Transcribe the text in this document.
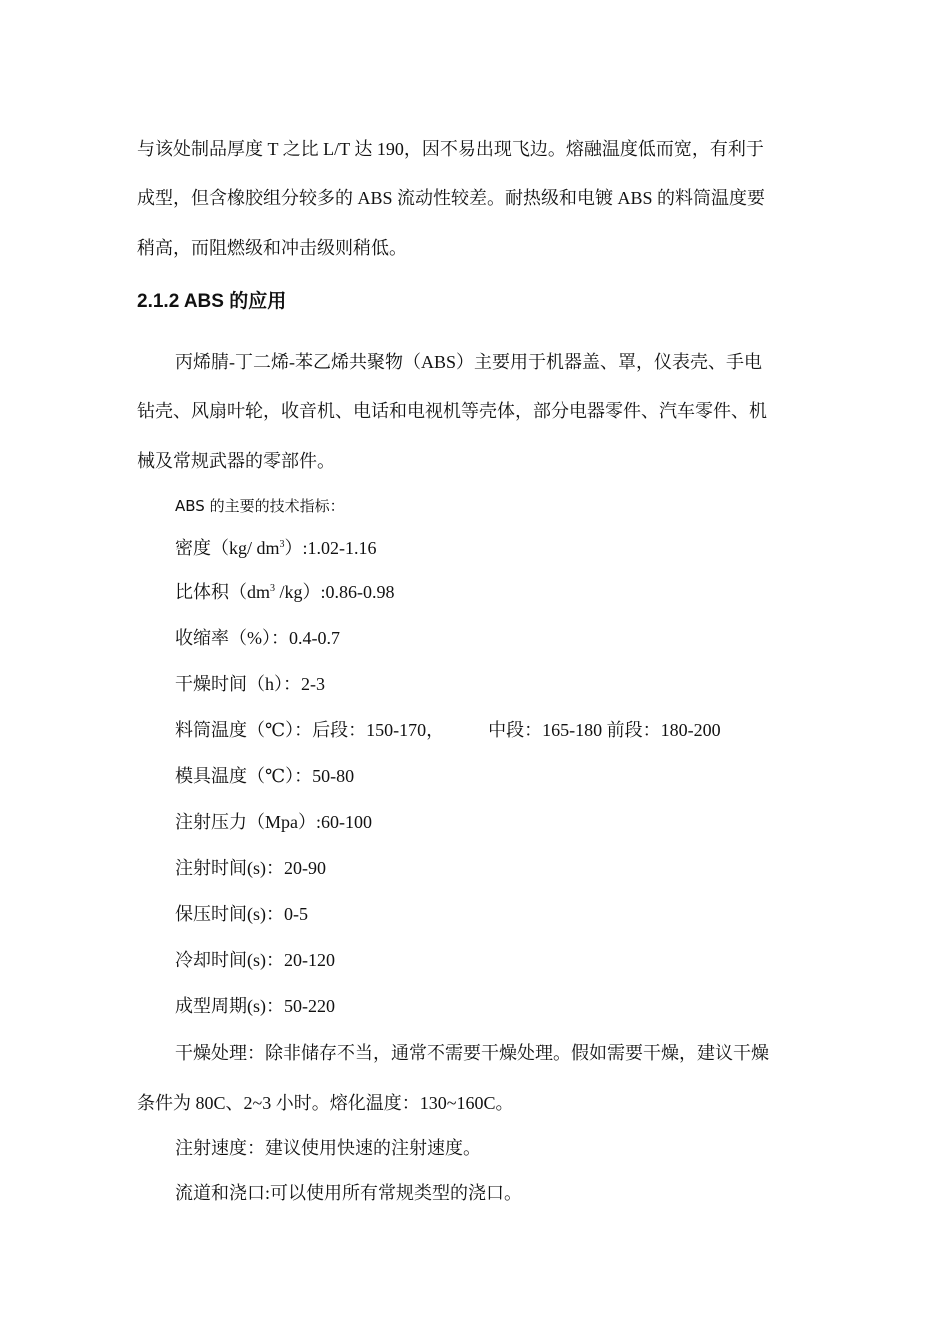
与该处制品厚度 T 之比 L/T 达 190，因不易出现飞边。熔融温度低而宽，有利于
成型，但含橡胶组分较多的 ABS 流动性较差。耐热级和电镀 ABS 的料筒温度要
稍高，而阻燃级和冲击级则稍低。
2.1.2 ABS 的应用
丙烯腈-丁二烯-苯乙烯共聚物（ABS）主要用于机器盖、罩，仪表壳、手电
钻壳、风扇叶轮，收音机、电话和电视机等壳体，部分电器零件、汽车零件、机
械及常规武器的零部件。
ABS 的主要的技术指标：
密度（kg/ $dm^3):1.02-1.16$
比体积（$dm^3$ /kg）:0.86-0.98
收缩率（%）：0.4-0.7
干燥时间（h）：2-3
料筒温度（℃）：后段：150-170， 中段：165-180 前段：180-200
模具温度（℃）：50-80
注射压力（Mpa）:60-100
注射时间(s)：20-90
保压时间(s)：0-5
冷却时间(s)：20-120
成型周期(s)：50-220
干燥处理：除非储存不当，通常不需要干燥处理。假如需要干燥，建议干燥
条件为 80C、2~3 小时。熔化温度：130~160C。
注射速度：建议使用快速的注射速度。
流道和浇口:可以使用所有常规类型的浇口。
